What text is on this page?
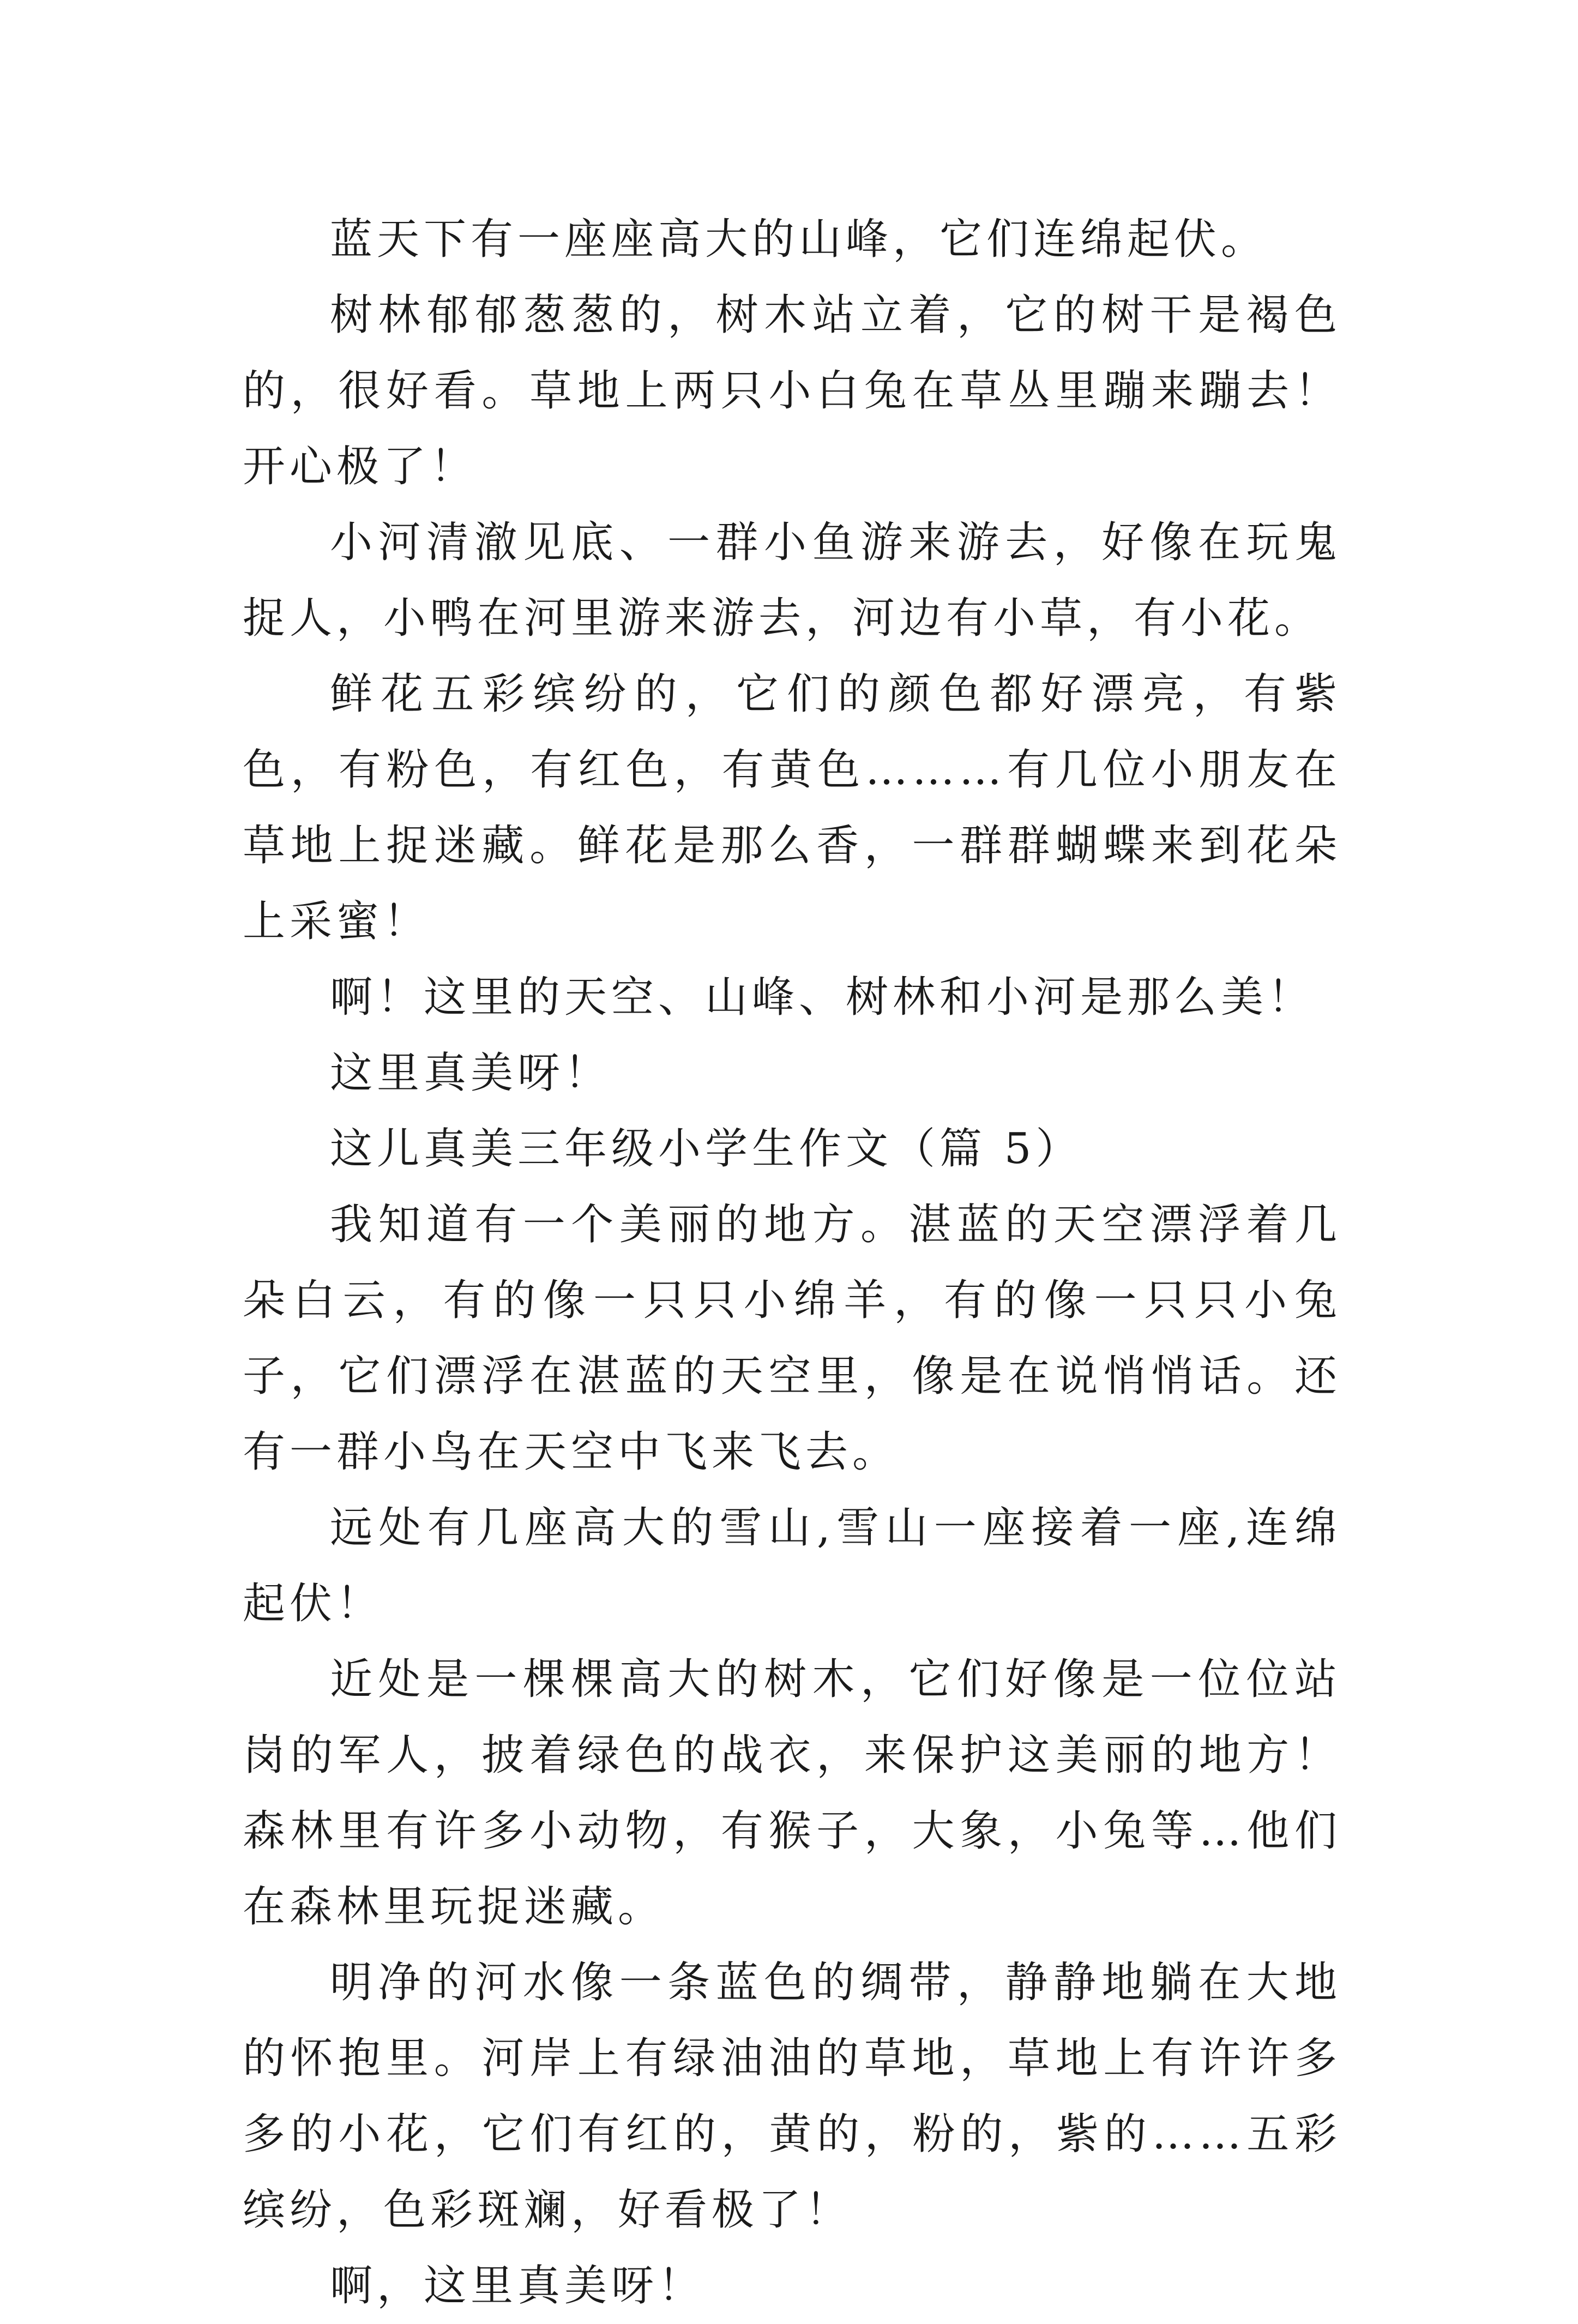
蓝天下有一座座高大的山峰，它们连绵起伏。

树林郁郁葱葱的，树木站立着，它的树干是褐色的，很好看。草地上两只小白兔在草丛里蹦来蹦去！开心极了！

小河清澈见底、一群小鱼游来游去，好像在玩鬼捉人，小鸭在河里游来游去，河边有小草，有小花。

鲜花五彩缤纷的，它们的颜色都好漂亮，有紫色，有粉色，有红色，有黄色………有几位小朋友在草地上捉迷藏。鲜花是那么香，一群群蝴蝶来到花朵上采蜜！

啊！这里的天空、山峰、树林和小河是那么美！

这里真美呀！

这儿真美三年级小学生作文（篇 5）

我知道有一个美丽的地方。湛蓝的天空漂浮着几朵白云，有的像一只只小绵羊，有的像一只只小兔子，它们漂浮在湛蓝的天空里，像是在说悄悄话。还有一群小鸟在天空中飞来飞去。

远处有几座高大的雪山,雪山一座接着一座,连绵起伏！

近处是一棵棵高大的树木，它们好像是一位位站岗的军人，披着绿色的战衣，来保护这美丽的地方！森林里有许多小动物，有猴子，大象，小兔等…他们在森林里玩捉迷藏。

明净的河水像一条蓝色的绸带，静静地躺在大地的怀抱里。河岸上有绿油油的草地，草地上有许许多多的小花，它们有红的，黄的，粉的，紫的……五彩缤纷，色彩斑斓，好看极了！

啊，这里真美呀！
